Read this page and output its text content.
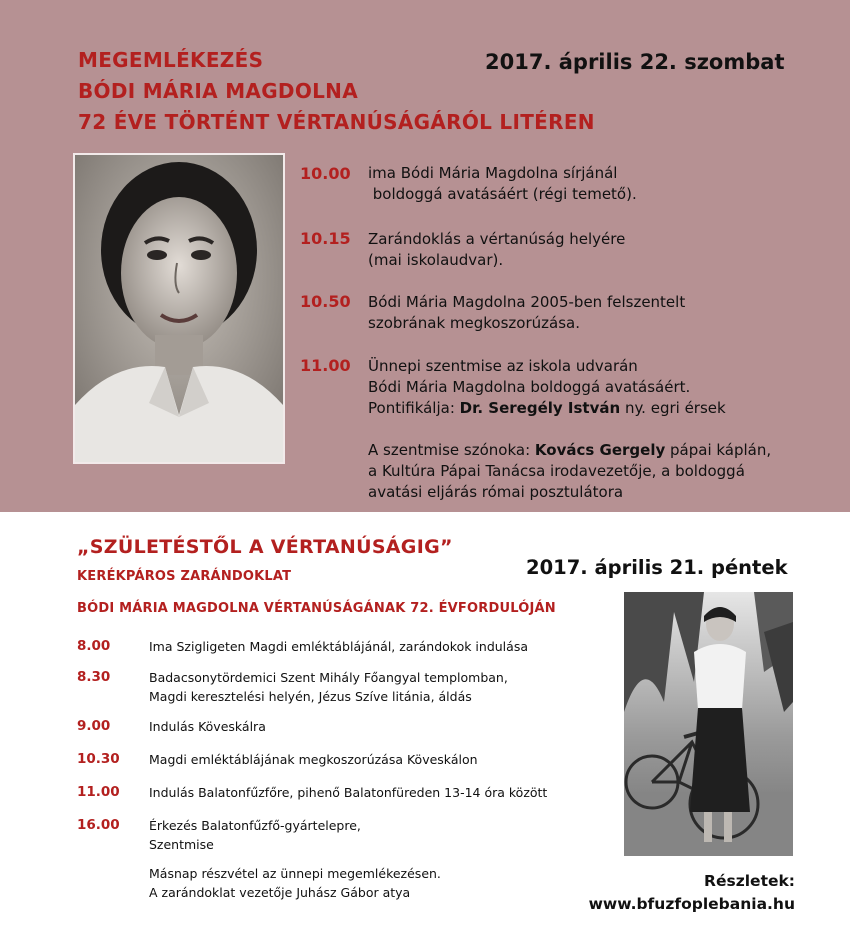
MEGEMLÉKEZÉS
BÓDI MÁRIA MAGDOLNA
72 ÉVE TÖRTÉNT VÉRTANÚSÁGÁRÓL LITÉREN
2017. április 22. szombat
10.00 ima Bódi Mária Magdolna sírjánál
boldoggá avatásáért (régi temető).
10.15 Zarándoklás a vértanúság helyére
(mai iskolaudvar).
10.50 Bódi Mária Magdolna 2005-ben felszentelt
szobrának megkoszorúzása.
11.00 Ünnepi szentmise az iskola udvarán
Bódi Mária Magdolna boldoggá avatásáért.
Pontifikálja: Dr. Seregély István ny. egri érsek
A szentmise szónoka: Kovács Gergely pápai káplán,
a Kultúra Pápai Tanácsa irodavezetője, a boldoggá
avatási eljárás római posztulátora
„SZÜLETÉSTŐL A VÉRTANÚSÁGIG”
2017. április 21. péntek
KERÉKPÁROS ZARÁNDOKLAT
BÓDI MÁRIA MAGDOLNA VÉRTANÚSÁGÁNAK 72. ÉVFORDULÓJÁN
8.00	Ima Szigligeten Magdi emléktáblájánál, zarándokok indulása
8.30	Badacsonytördemici Szent Mihály Főangyal templomban,
Magdi keresztelési helyén, Jézus Szíve litánia, áldás
9.00	Indulás Köveskálra
10.30 Magdi emléktáblájának megkoszorúzása Köveskálon
11.00 Indulás Balatonfűzfőre, pihenő Balatonfüreden 13-14 óra között
16.00 Érkezés Balatonfűzfő-gyártelepre,
Szentmise
Másnap részvétel az ünnepi megemlékezésen.
A zarándoklat vezetője Juhász Gábor atya
Részletek:
www.bfuzfoplebania.hu
